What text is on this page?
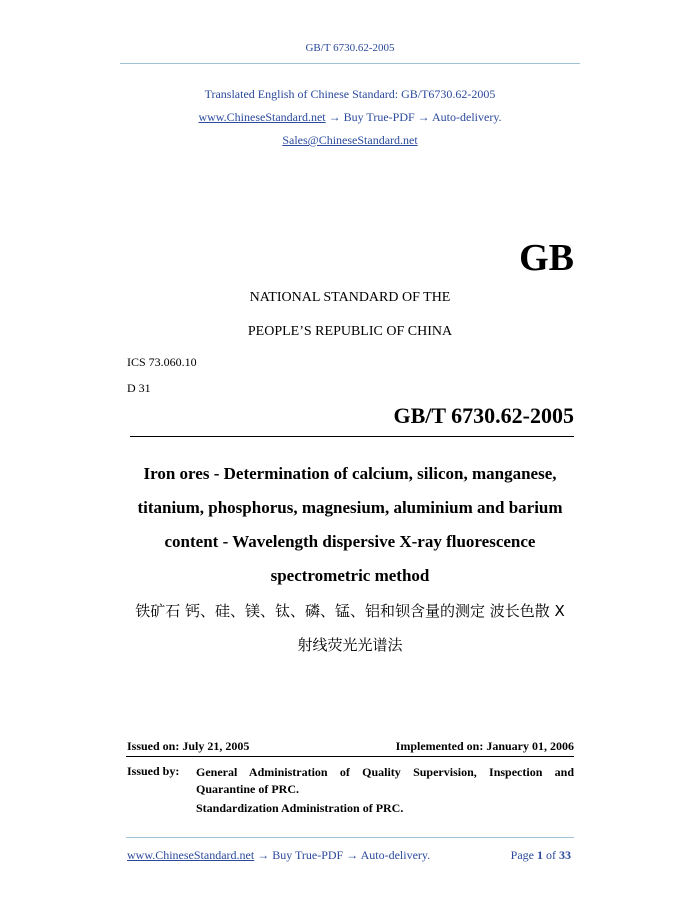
GB/T 6730.62-2005
Translated English of Chinese Standard: GB/T6730.62-2005
www.ChineseStandard.net → Buy True-PDF → Auto-delivery.
Sales@ChineseStandard.net
GB
NATIONAL STANDARD OF THE
PEOPLE’S REPUBLIC OF CHINA
ICS 73.060.10
D 31
GB/T 6730.62-2005
Iron ores - Determination of calcium, silicon, manganese,
titanium, phosphorus, magnesium, aluminium and barium
content - Wavelength dispersive X-ray fluorescence
spectrometric method
铁矿石 钙、硅、镁、钛、磷、锰、铝和钡含量的测定 波长色散 X
射线荧光光谱法
Issued on: July 21, 2005	Implemented on: January 01, 2006
Issued by: General Administration of Quality Supervision, Inspection and Quarantine of PRC.
Standardization Administration of PRC.
www.ChineseStandard.net → Buy True-PDF → Auto-delivery.	Page 1 of 33
